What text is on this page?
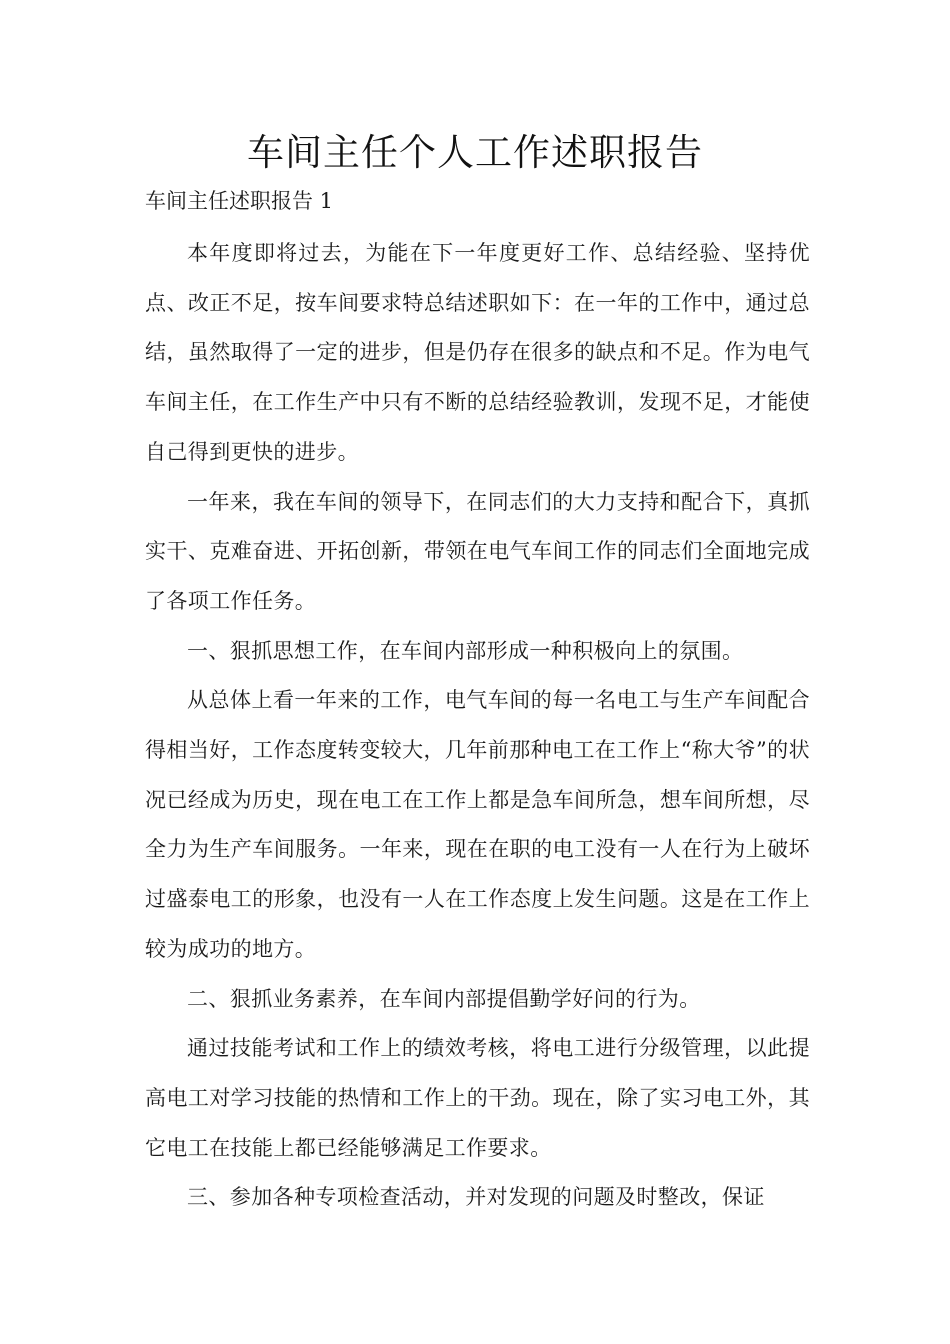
车间主任个人工作述职报告

车间主任述职报告 1

本年度即将过去，为能在下一年度更好工作、总结经验、坚持优点、改正不足，按车间要求特总结述职如下：在一年的工作中，通过总结，虽然取得了一定的进步，但是仍存在很多的缺点和不足。作为电气车间主任，在工作生产中只有不断的总结经验教训，发现不足，才能使自己得到更快的进步。

一年来，我在车间的领导下，在同志们的大力支持和配合下，真抓实干、克难奋进、开拓创新，带领在电气车间工作的同志们全面地完成了各项工作任务。

一、狠抓思想工作，在车间内部形成一种积极向上的氛围。

从总体上看一年来的工作，电气车间的每一名电工与生产车间配合得相当好，工作态度转变较大，几年前那种电工在工作上“称大爷”的状况已经成为历史，现在电工在工作上都是急车间所急，想车间所想，尽全力为生产车间服务。一年来，现在在职的电工没有一人在行为上破坏过盛泰电工的形象，也没有一人在工作态度上发生问题。这是在工作上较为成功的地方。

二、狠抓业务素养，在车间内部提倡勤学好问的行为。

通过技能考试和工作上的绩效考核，将电工进行分级管理，以此提高电工对学习技能的热情和工作上的干劲。现在，除了实习电工外，其它电工在技能上都已经能够满足工作要求。

三、参加各种专项检查活动，并对发现的问题及时整改，保证
